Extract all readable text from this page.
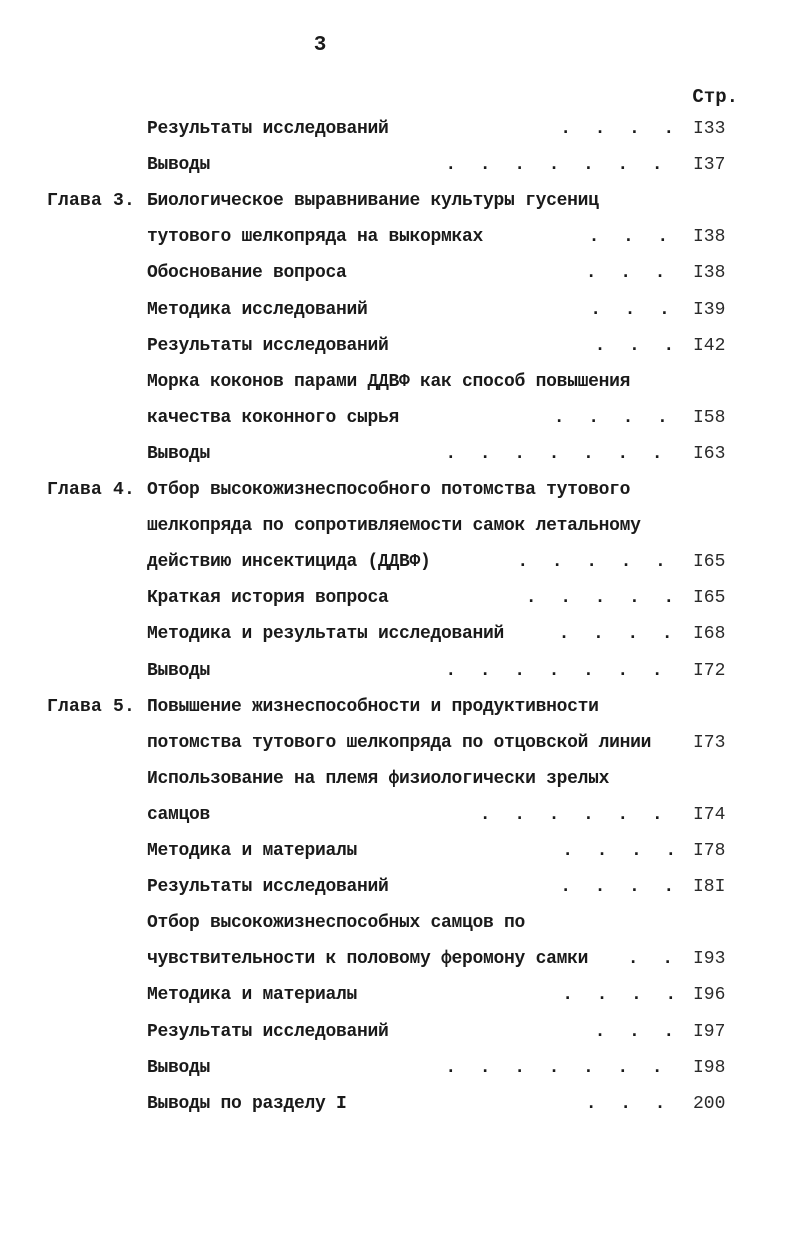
3
Стр.
Результаты исследований	. . . . I33
Выводы	. . . . . . . I37
Глава 3. Биологическое выравнивание культуры гусениц
тутового шелкопряда на выкормках	. . . I38
Обоснование вопроса	. . . I38
Методика исследований	. . . I39
Результаты исследований	. . . I42
Морка коконов парами ДДВФ как способ повышения
качества коконного сырья	. . . . I58
Выводы	. . . . . . . I63
Глава 4. Отбор высокожизнеспособного потомства тутового
шелкопряда по сопротивляемости самок летальному
действию инсектицида (ДДВФ)	. . . . . I65
Краткая история вопроса	. . . . . I65
Методика и результаты исследований	. . . . I68
Выводы	. . . . . . . I72
Глава 5. Повышение жизнеспособности и продуктивности
потомства тутового шелкопряда по отцовской линии I73
Использование на племя физиологически зрелых
самцов	. . . . . . I74
Методика и материалы	. . . . I78
Результаты исследований	. . . . I8I
Отбор высокожизнеспособных самцов по
чувствительности к половому феромону самки . . I93
Методика и материалы	. . . . I96
Результаты исследований	. . . I97
Выводы	. . . . . . . I98
Выводы по разделу I	. . . 200
